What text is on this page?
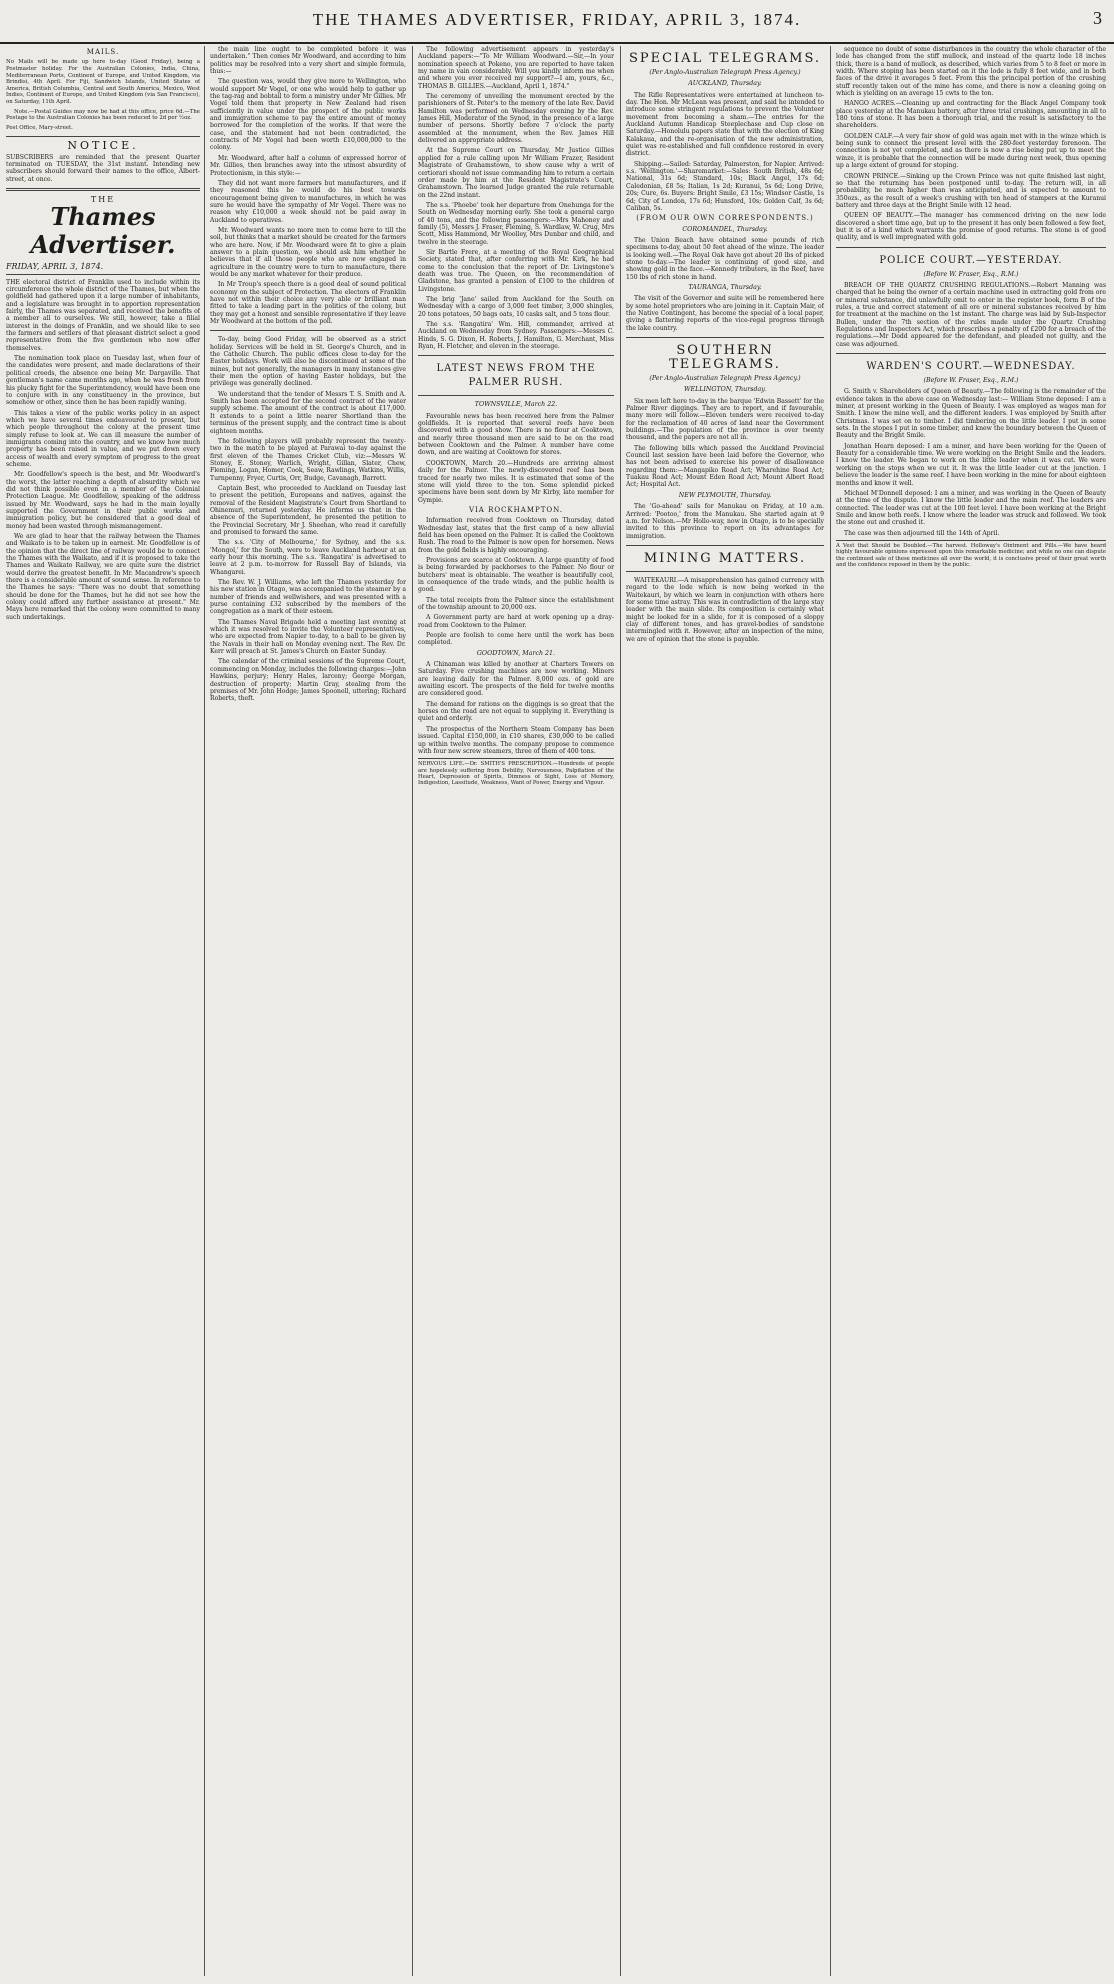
THE THAMES ADVERTISER, FRIDAY, APRIL 3, 1874.	3
MAILS.

No Mails will be made up here to-day (Good Friday), being a Postmaster holiday. For the Australian Colonies, India, China, Mediterranean Ports, Continent of Europe, and United Kingdom, via Brindisi, 4th April. For Fiji, Sandwich Islands, United States of America, British Columbia, Central and South America, Mexico, West Indies, Continent of Europe, and United Kingdom (via San Francisco), on Saturday, 11th April.

Note.—Postal Guides may now be had at this office, price 6d.—The Postage to the Australian Colonies has been reduced to 2d per ½oz.

Post Office, Mary-street.
NOTICE.

SUBSCRIBERS are reminded that the present Quarter terminated on TUESDAY, the 31st instant. Intending new subscribers should forward their names to the office, Albert-street, at once.

THE
Thames Advertiser.
FRIDAY, APRIL 3, 1874.

THE electoral district of Franklin used to include within its circumference the whole district of the Thames, but when the goldfield had gathered upon it a large number of inhabitants, and a legislature was brought in to apportion representation fairly, the Thames was separated, and received the benefits of a member all to ourselves. We still, however, take a filial interest in the doings of Franklin, and we should like to see the farmers and settlers of that pleasant district select a good representative from the five gentlemen who now offer themselves.

The nomination took place on Tuesday last, when four of the candidates were present, and made declarations of their political creeds, the absence one being Mr. Dargaville. That gentleman's name came months ago, when he was fresh from his plucky fight for the Superintendency, would have been one to conjure with in any constituency in the province, but somehow or other, since then he has been rapidly waning.

This takes a view of the public works policy in an aspect which we have several times endeavoured to present, but which people throughout the colony at the present time simply refuse to look at. We can ill measure the number of immigrants coming into the country, and we know how much property has been raised in value, and we put down every access of wealth and every symptom of progress to the great scheme.

Mr. Goodfellow's speech is the best, and Mr. Woodward's the worst, the latter reaching a depth of absurdity which we did not think possible even in a member of the Colonial Protection League. Mr. Goodfellow, speaking of the address issued by Mr. Woodward, says he had in the main loyally supported the Government in their public works and immigration policy, but he considered that a good deal of money had been wasted through mismanagement.

We are glad to hear that the railway between the Thames and Waikato is to be taken up in earnest. Mr. Goodfellow is of the opinion that the direct line of railway would be to connect the Thames with the Waikato, and if it is proposed to take the Thames and Waikato Railway, we are quite sure the district would derive the greatest benefit. In Mr. Macandrew's speech there is a considerable amount of sound sense. In reference to the Thames he says: "There was no doubt that something should be done for the Thames, but he did not see how the colony could afford any further assistance at present." Mr. Mays here remarked that the colony were committed to many such undertakings.

the main line ought to be completed before it was undertaken." Then comes Mr Woodward, and according to him politics may be resolved into a very short and simple formula, thus:—

The question was, would they give more to Wellington, who would support Mr Vogel, or one who would help to gather up the tag-rag and bobtail to form a ministry under Mr Gillies. Mr Vogel told them that property in New Zealand had risen sufficiently in value under the prospect of the public works and immigration scheme to pay the entire amount of money borrowed for the completion of the works. If that were the case, and the statement had not been contradicted, the contracts of Mr Vogel had been worth £10,000,000 to the colony.

Mr. Woodward, after half a column of expressed horror of Mr. Gillies, then branches away into the utmost absurdity of Protectionism, in this style:—

They did not want more farmers but manufacturers, and if they reasoned this he would do his best towards encouragement being given to manufactures, in which he was sure he would have the sympathy of Mr Vogel. There was no reason why £10,000 a week should not be paid away in Auckland to operatives.

Mr. Woodward wants no more men to come here to till the soil, but thinks that a market should be created for the farmers who are here. Now, if Mr. Woodward were fit to give a plain answer to a plain question, we should ask him whether he believes that if all those people who are now engaged in agriculture in the country were to turn to manufacture, there would be any market whatever for their produce.

In Mr Troup's speech there is a good deal of sound political economy on the subject of Protection. The electors of Franklin have not within their choice any very able or brilliant man fitted to take a leading part in the politics of the colony, but they may get a honest and sensible representative if they leave Mr Woodward at the bottom of the poll.

To-day, being Good Friday, will be observed as a strict holiday. Services will be held in St. George's Church, and in the Catholic Church. The public offices close to-day for the Easter holidays. Work will also be discontinued at some of the mines, but not generally, the managers in many instances give their men the option of having Easter holidays, but the privilege was generally declined.

We understand that the tender of Messrs T. S. Smith and A. Smith has been accepted for the second contract of the water supply scheme. The amount of the contract is about £17,000. It extends to a point a little nearer Shortland than the terminus of the present supply, and the contract time is about eighteen months.

The following players will probably represent the twenty-two in the match to be played at Parawai to-day against the first eleven of the Thames Cricket Club, viz:—Messrs W. Stoney, E. Stoney, Warlich, Wright, Gillan, Slater, Chew, Fleming, Logan, Homer, Cook, Seaw, Rawlings, Watkins, Willis, Turnpenny, Fryer, Curtis, Orr, Budge, Cavanagh, Barrett.

Captain Best, who proceeded to Auckland on Tuesday last to present the petition, Europeans and natives, against the removal of the Resident Magistrate's Court from Shortland to Ohinemuri, returned yesterday. He informs us that in the absence of the Superintendent, he presented the petition to the Provincial Secretary, Mr J. Sheehan, who read it carefully and promised to forward the same.

The s.s. 'City of Melbourne,' for Sydney, and the s.s. 'Mongol,' for the South, were to leave Auckland harbour at an early hour this morning. The s.s. 'Rangatira' is advertised to leave at 2 p.m. to-morrow for Russell Bay of Islands, via Whangarei.

The Rev. W. J. Williams, who left the Thames yesterday for his new station in Otago, was accompanied to the steamer by a number of friends and wellwishers, and was presented with a purse containing £32 subscribed by the members of the congregation as a mark of their esteem.

The Thames Naval Brigade held a meeting last evening at which it was resolved to invite the Volunteer representatives, who are expected from Napier to-day, to a ball to be given by the Navals in their hall on Monday evening next. The Rev. Dr. Kerr will preach at St. James's Church on Easter Sunday.

The calendar of the criminal sessions of the Supreme Court, commencing on Monday, includes the following charges:—John Hawkins, perjury; Henry Hales, larceny; George Morgan, destruction of property; Martin Gray, stealing from the premises of Mr. John Hodge; James Spoonell, uttering; Richard Roberts, theft.

The following advertisement appears in yesterday's Auckland papers:—"To Mr William Woodward.—Sir,—In your nomination speech at Pokeno, you are reported to have taken my name in vain considerably. Will you kindly inform me when and where you ever received my support?—I am, yours, &c., THOMAS B. GILLIES.—Auckland, April 1, 1874."

The ceremony of unveiling the monument erected by the parishioners of St. Peter's to the memory of the late Rev. David Hamilton was performed on Wednesday evening by the Rev. James Hill, Moderator of the Synod, in the presence of a large number of persons. Shortly before 7 o'clock the party assembled at the monument, when the Rev. James Hill delivered an appropriate address.

At the Supreme Court on Thursday, Mr Justice Gillies applied for a rule calling upon Mr William Frazer, Resident Magistrate of Grahamstown, to show cause why a writ of certiorari should not issue commanding him to return a certain order made by him at the Resident Magistrate's Court, Grahamstown. The learned Judge granted the rule returnable on the 22nd instant.

The s.s. 'Phoebe' took her departure from Onehunga for the South on Wednesday morning early. She took a general cargo of 40 tons, and the following passengers:—Mrs Mahoney and family (5), Messrs J. Fraser, Fleming, S. Wardlaw, W. Crug, Mrs Scott, Miss Hammond, Mr Woolley, Mrs Dunbar and child, and twelve in the steerage.

Sir Bartle Frere, at a meeting of the Royal Geographical Society, stated that, after conferring with Mr. Kirk, he had come to the conclusion that the report of Dr. Livingstone's death was true. The Queen, on the recommendation of Gladstone, has granted a pension of £100 to the children of Livingstone.

The brig 'Jane' sailed from Auckland for the South on Wednesday with a cargo of 3,000 feet timber, 3,000 shingles, 20 tons potatoes, 50 bags oats, 10 casks salt, and 5 tons flour.

The s.s. 'Rangatira' Wm. Hill, commander, arrived at Auckland on Wednesday from Sydney. Passengers:—Messrs C. Hinds, S. G. Dixon, H. Roberts, J. Hamilton, G. Merchant, Miss Ryan, H. Fletcher, and eleven in the steerage.

LATEST NEWS FROM THE PALMER RUSH.
TOWNSVILLE, March 22.

Favourable news has been received here from the Palmer goldfields. It is reported that several reefs have been discovered with a good show. There is no flour at Cooktown, and nearly three thousand men are said to be on the road between Cooktown and the Palmer. A number have come down, and are waiting at Cooktown for stores.

COOKTOWN, March 20.—Hundreds are arriving almost daily for the Palmer. The newly-discovered reef has been traced for nearly two miles. It is estimated that some of the stone will yield three to the ton. Some splendid picked specimens have been sent down by Mr Kirby, late member for Gympie.

VIA ROCKHAMPTON.

Information received from Cooktown on Thursday, dated Wednesday last, states that the first camp of a new alluvial field has been opened on the Palmer. It is called the Cooktown Rush. The road to the Palmer is now open for horsemen. News from the gold fields is highly encouraging.

Provisions are scarce at Cooktown. A large quantity of food is being forwarded by packhorses to the Palmer. No flour or butchers' meat is obtainable. The weather is beautifully cool, in consequence of the trade winds, and the public health is good.

The total receipts from the Palmer since the establishment of the township amount to 20,000 ozs.

A Government party are hard at work opening up a dray-road from Cooktown to the Palmer.

People are foolish to come here until the work has been completed.

GOODTOWN, March 21.

A Chinaman was killed by another at Charters Towers on Saturday. Five crushing machines are now working. Miners are leaving daily for the Palmer. 8,000 ozs. of gold are awaiting escort. The prospects of the field for twelve months are considered good.

The demand for rations on the diggings is so great that the horses on the road are not equal to supplying it. Everything is quiet and orderly.

The prospectus of the Northern Steam Company has been issued. Capital £150,000, in £10 shares, £30,000 to be called up within twelve months. The company propose to commence with four new screw steamers, three of them of 400 tons.

NERVOUS LIFE.—Dr. SMITH'S PRESCRIPTION.—Hundreds of people are hopelessly suffering from Debility, Nervousness, Palpitation of the Heart, Depression of Spirits, Dimness of Sight, Loss of Memory, Indigestion, Lassitude, Weakness, Want of Power, Energy and Vigour.
SPECIAL TELEGRAMS.
(Per Anglo-Australian Telegraph Press Agency.)
AUCKLAND, Thursday.

The Rifle Representatives were entertained at luncheon to-day. The Hon. Mr McLean was present, and said he intended to introduce some stringent regulations to prevent the Volunteer movement from becoming a sham.—The entries for the Auckland Autumn Handicap Steeplechase and Cup close on Saturday.—Honolulu papers state that with the election of King Kalakaua, and the re-organisation of the new administration, quiet was re-established and full confidence restored in every district.

Shipping.—Sailed: Saturday, Palmerston, for Napier. Arrived: s.s. 'Wellington.'—Sharemarket:—Sales: South British, 48s 6d; National, 31s 6d; Standard, 10s; Black Angel, 17s 6d; Caledonian, £8 5s; Italian, 1s 2d; Kuranui, 5s 6d; Long Drive, 20s; Cure, 6s. Buyers: Bright Smile, £3 15s; Windsor Castle, 1s 6d; City of London, 17s 6d; Hunsford, 10s; Golden Calf, 3s 6d; Caliban, 5s.

(FROM OUR OWN CORRESPONDENTS.)
COROMANDEL, Thursday.

The Union Beach have obtained some pounds of rich specimens to-day, about 50 feet ahead of the winze. The leader is looking well.—The Royal Oak have got about 20 lbs of picked stone to-day.—The leader is continuing of good size, and showing gold in the face.—Kennedy tributers, in the Reef, have 150 lbs of rich stone in hand.

TAURANGA, Thursday.

The visit of the Governor and suite will be remembered here by some hotel proprietors who are joining in it. Captain Mair, of the Native Contingent, has become the special of a local paper, giving a flattering reports of the vice-regal progress through the lake country.

SOUTHERN TELEGRAMS.
(Per Anglo-Australian Telegraph Press Agency.)
WELLINGTON, Thursday.

Six men left here to-day in the barque 'Edwin Bassett' for the Palmer River diggings. They are to report, and if favourable, many more will follow.—Eleven tenders were received to-day for the reclamation of 40 acres of land near the Government buildings.—The population of the province is over twenty thousand, and the papers are not all in.

The following bills which passed the Auckland Provincial Council last session have been laid before the Governor, who has not been advised to exercise his power of disallowance regarding them:—Mangapiko Road Act; Wharehine Road Act; Tuakau Road Act; Mount Eden Road Act; Mount Albert Road Act; Hospital Act.

NEW PLYMOUTH, Thursday.

The 'Go-ahead' sails for Manukau on Friday, at 10 a.m. Arrived: 'Pootoo,' from the Manukau. She started again at 9 a.m. for Nelson.—Mr Hollo-way, now in Otago, is to be specially invited to this province to report on its advantages for immigration.

MINING MATTERS.

WAITEKAURI.—A misapprehension has gained currency with regard to the lode which is now being worked in the Waitekauri, by which we learn in conjunction with others here for some time astray. This was in contradiction of the large stay leader with the main slide. Its composition is certainly what might be looked for in a slide, for it is composed of a sloppy clay of different tones, and has gravel-bodies of sandstone intermingled with it. However, after an inspection of the mine, we are of opinion that the stone is payable.

sequence no doubt of some disturbances in the country the whole character of the lode has changed from the stiff mullock, and instead of the quartz lode 18 inches thick, there is a band of mullock, as described, which varies from 5 to 8 feet or more in width. Where stoping has been started on it the lode is fully 8 feet wide, and in both faces of the drive it averages 5 feet. From this the principal portion of the crushing stuff recently taken out of the mine has come, and there is now a cleaning going on which is yielding on an average 15 cwts to the ton.

HANGO ACRES.—Cleaning up and contracting for the Black Angel Company took place yesterday at the Manukau battery, after three trial crushings, amounting in all to 180 tons of stone. It has been a thorough trial, and the result is satisfactory to the shareholders.

GOLDEN CALF.—A very fair show of gold was again met with in the winze which is being sunk to connect the present level with the 280-feet yesterday forenoon. The connection is not yet completed, and as there is now a rise being put up to meet the winze, it is probable that the connection will be made during next week, thus opening up a large extent of ground for stoping.

CROWN PRINCE.—Sinking up the Crown Prince was not quite finished last night, so that the returning has been postponed until to-day. The return will, in all probability, be much higher than was anticipated, and is expected to amount to 350ozs., as the result of a week's crushing with ten head of stampers at the Kuranui battery and three days at the Bright Smile with 12 head.

QUEEN OF BEAUTY.—The manager has commenced driving on the new lode discovered a short time ago, but up to the present it has only been followed a few feet, but it is of a kind which warrants the promise of good returns. The stone is of good quality, and is well impregnated with gold.

POLICE COURT.—YESTERDAY.
(Before W. Fraser, Esq., R.M.)

BREACH OF THE QUARTZ CRUSHING REGULATIONS.—Robert Manning was charged that he being the owner of a certain machine used in extracting gold from ore or mineral substance, did unlawfully omit to enter in the register book, form B of the rules, a true and correct statement of all ore or mineral substances received by him for treatment at the machine on the 1st instant. The charge was laid by Sub-Inspector Bullen, under the 7th section of the rules made under the Quartz Crushing Regulations and Inspectors Act, which prescribes a penalty of £200 for a breach of the regulations.—Mr Dodd appeared for the defendant, and pleaded not guilty, and the case was adjourned.

WARDEN'S COURT.—WEDNESDAY.
(Before W. Fraser, Esq., R.M.)

G. Smith v. Shareholders of Queen of Beauty.—The following is the remainder of the evidence taken in the above case on Wednesday last:— William Stone deposed: I am a miner, at present working in the Queen of Beauty. I was employed as wages man for Smith. I know the mine well, and the different leaders. I was employed by Smith after Christmas. I was set on to timber. I did timbering on the little leader. I put in some sets. In the stopes I put in some timber, and knew the boundary between the Queen of Beauty and the Bright Smile.

Jonathan Hearn deposed: I am a miner, and have been working for the Queen of Beauty for a considerable time. We were working on the Bright Smile and the leaders. I know the leader. We began to work on the little leader when it was cut. We were working on the stops when we cut it. It was the little leader cut at the junction. I believe the leader is the same reef. I have been working in the mine for about eighteen months and know it well.

Michael M'Donnell deposed: I am a miner, and was working in the Queen of Beauty at the time of the dispute. I know the little leader and the main reef. The leaders are connected. The leader was cut at the 100 feet level. I have been working at the Bright Smile and know both reefs. I know where the leader was struck and followed. We took the stone out and crushed it.

The case was then adjourned till the 14th of April.

A Vest that Should be Doubled.—The harvest. Holloway's Ointment and Pills.—We have heard highly favourable opinions expressed upon this remarkable medicine; and while no one can dispute the continued sale of these medicines all over the world, it is conclusive proof of their great worth and the confidence reposed in them by the public.
